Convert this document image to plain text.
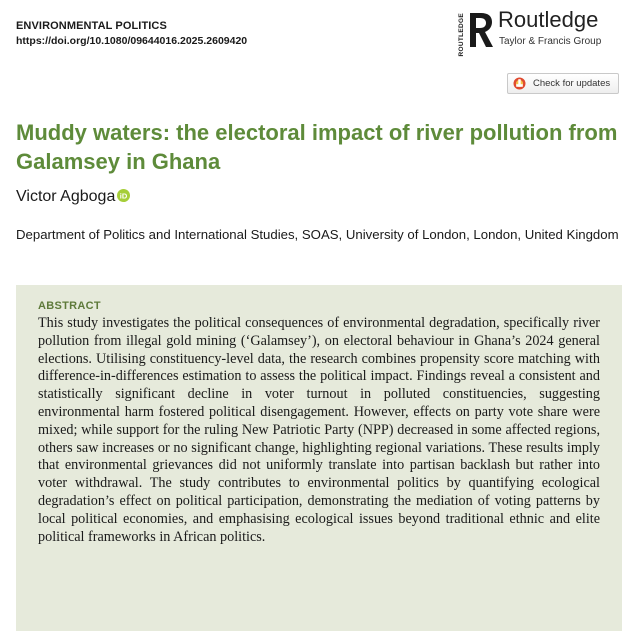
ENVIRONMENTAL POLITICS
https://doi.org/10.1080/09644016.2025.2609420	ROUTLEDGE Routledge
Taylor & Francis Group
Check for updates
Muddy waters: the electoral impact of river pollution from Galamsey in Ghana
Victor Agboga iD
Department of Politics and International Studies, SOAS, University of London, London, United Kingdom
ABSTRACT

This study investigates the political consequences of environmental degradation, specifically river pollution from illegal gold mining (‘Galamsey’), on electoral behaviour in Ghana’s 2024 general elections. Utilising constituency-level data, the research combines propensity score matching with difference-in-differences estimation to assess the political impact. Findings reveal a consistent and statistically significant decline in voter turnout in polluted constituencies, suggesting environmental harm fostered political disengagement. However, effects on party vote share were mixed; while support for the ruling New Patriotic Party (NPP) decreased in some affected regions, others saw increases or no significant change, highlighting regional variations. These results imply that environmental grievances did not uniformly translate into partisan backlash but rather into voter withdrawal. The study contributes to environmental politics by quantifying ecological degradation’s effect on political participation, demonstrating the mediation of voting patterns by local political economies, and emphasising ecological issues beyond traditional ethnic and elite political frameworks in African politics.
